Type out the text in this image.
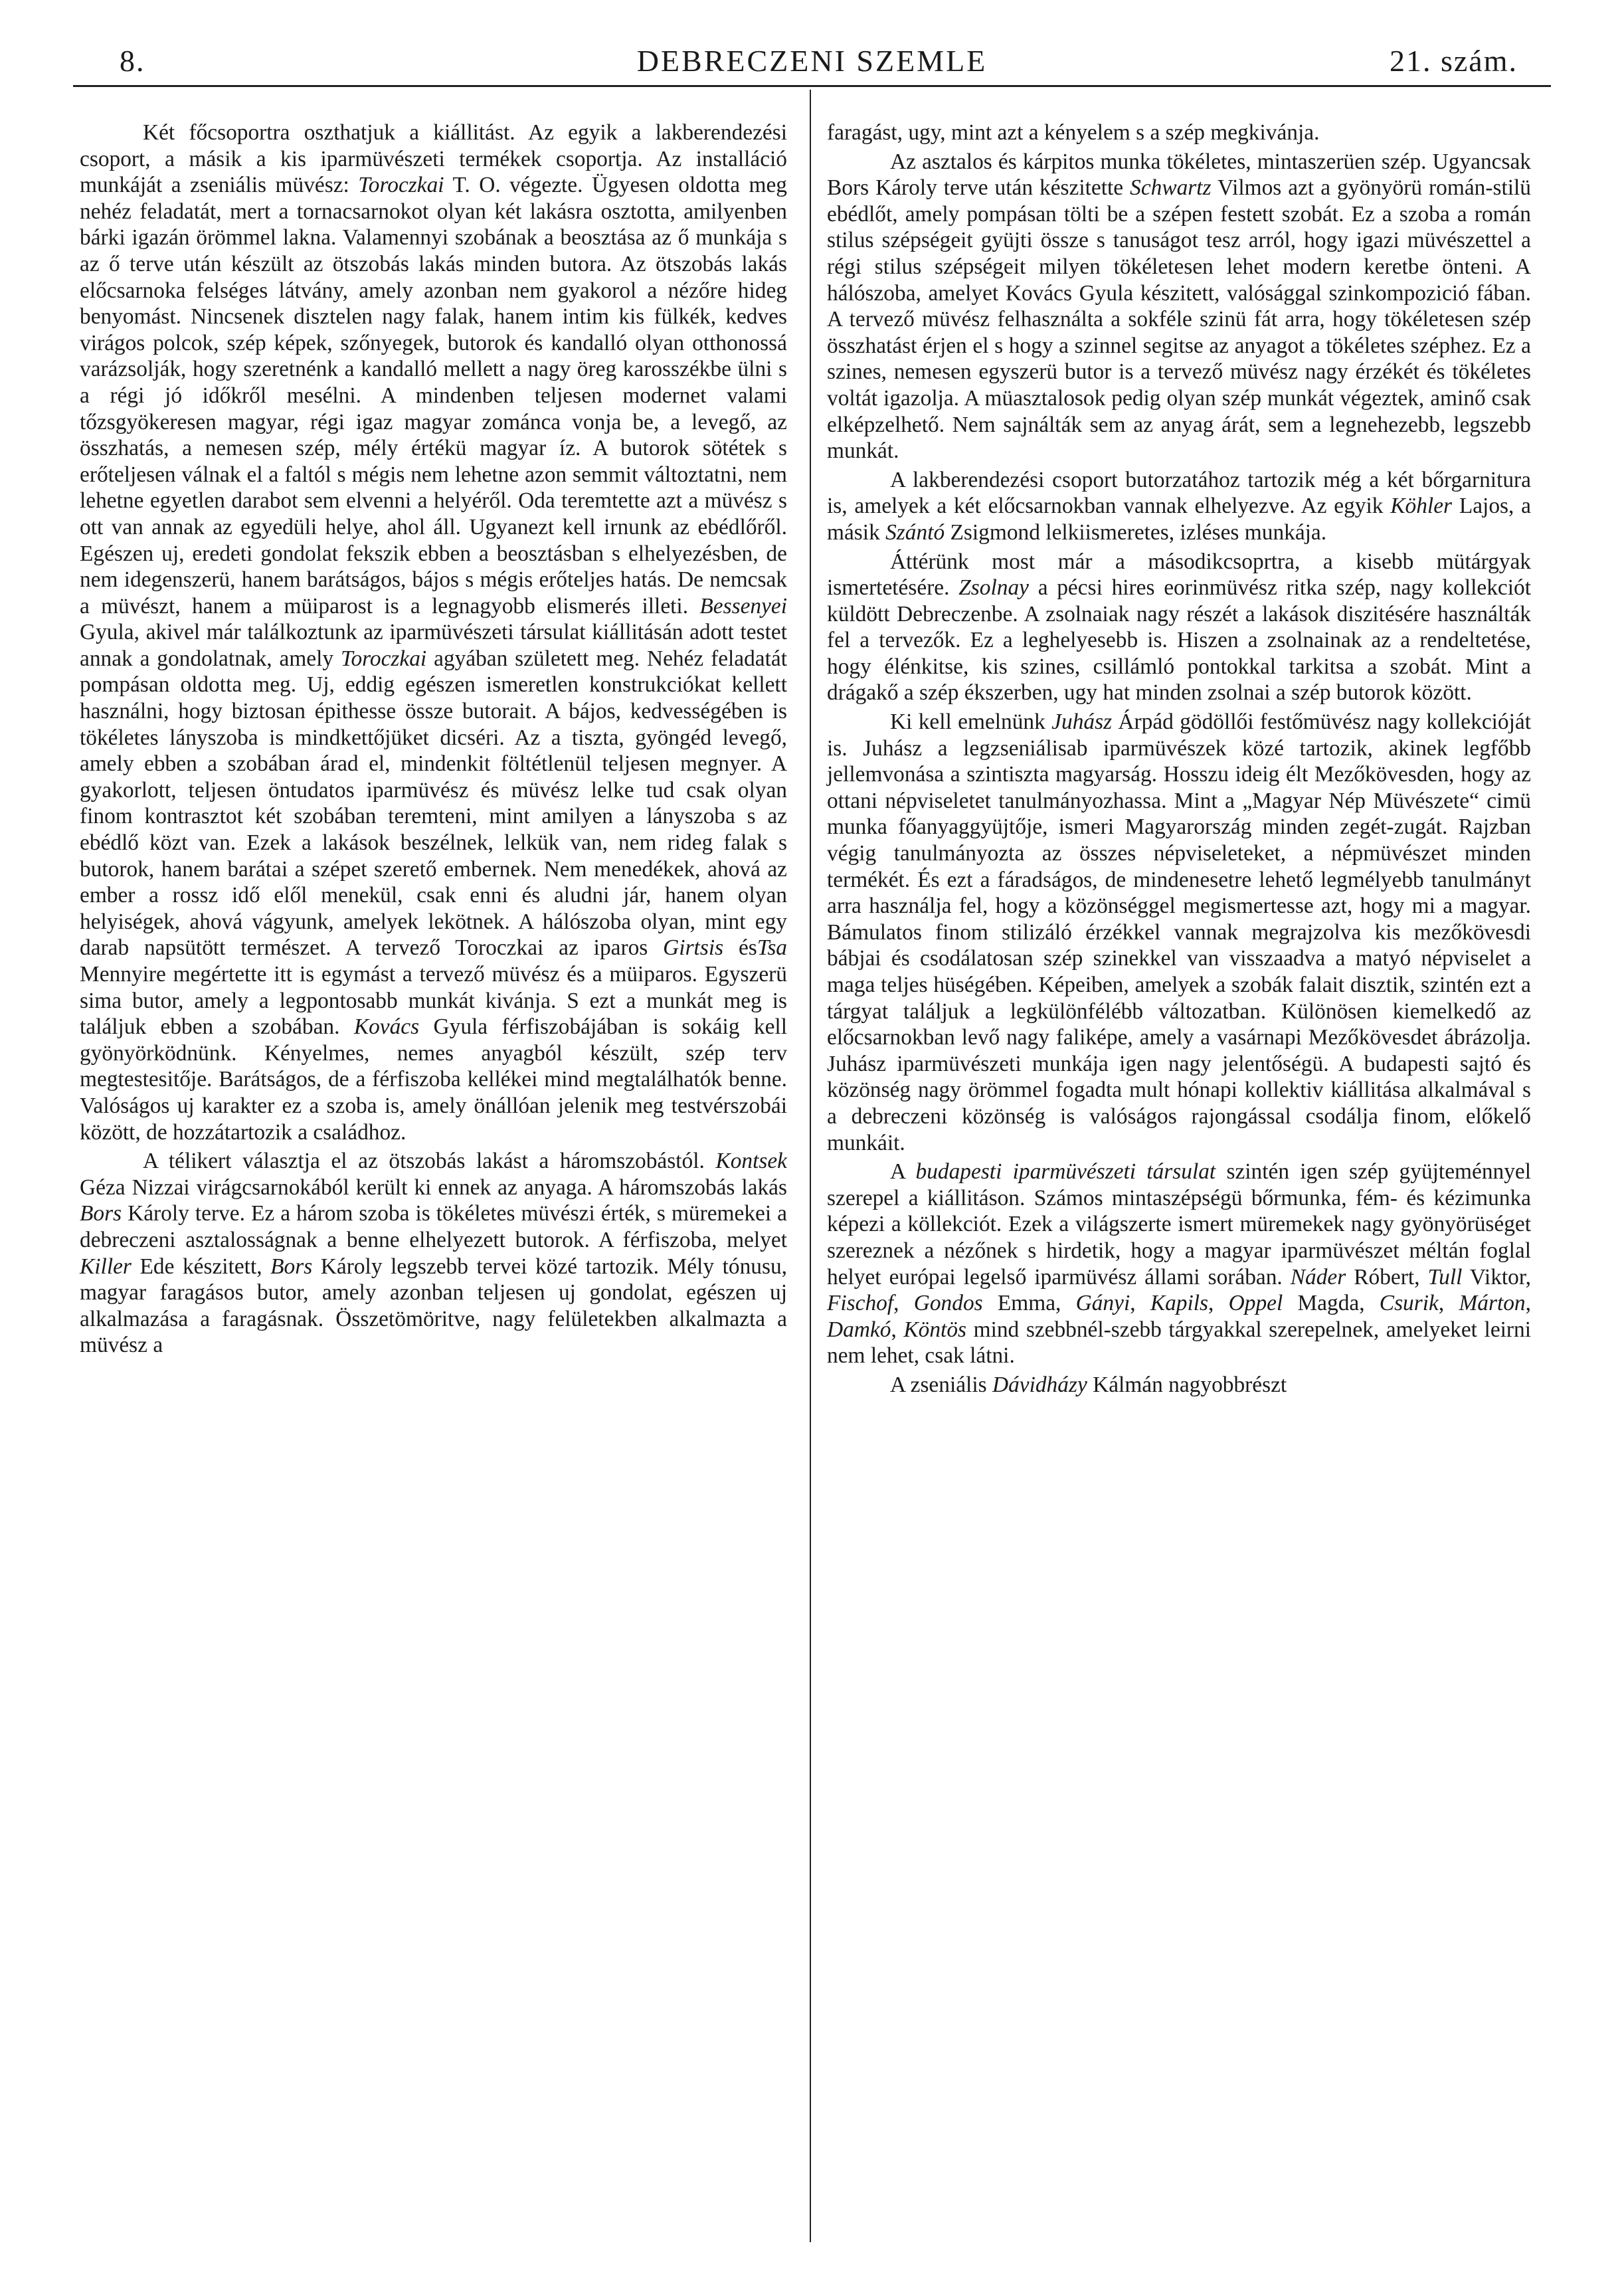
8.	DEBRECZENI SZEMLE	21. szám.

Két főcsoportra oszthatjuk a kiállitást. Az egyik a lakberendezési csoport, a másik a kis iparmüvészeti termékek csoportja. Az installáció munkáját a zseniális müvész: Toroczkai T. O. végezte. Ügyesen oldotta meg nehéz feladatát, mert a tornacsarnokot olyan két lakásra osztotta, amilyenben bárki igazán örömmel lakna. Valamennyi szobának a beosztása az ő munkája s az ő terve után készült az ötszobás lakás minden butora. Az ötszobás lakás előcsarnoka felséges látvány, amely azonban nem gyakorol a nézőre hideg benyomást. Nincsenek disztelen nagy falak, hanem intim kis fülkék, kedves virágos polcok, szép képek, szőnyegek, butorok és kandalló olyan otthonossá varázsolják, hogy szeretnénk a kandalló mellett a nagy öreg karosszékbe ülni s a régi jó időkről mesélni. A mindenben teljesen modernet valami tőzsgyökeresen magyar, régi igaz magyar zománca vonja be, a levegő, az összhatás, a nemesen szép, mély értékü magyar íz. A butorok sötétek s erőteljesen válnak el a faltól s mégis nem lehetne azon semmit változtatni, nem lehetne egyetlen darabot sem elvenni a helyéről. Oda teremtette azt a müvész s ott van annak az egyedüli helye, ahol áll. Ugyanezt kell irnunk az ebédlőről. Egészen uj, eredeti gondolat fekszik ebben a beosztásban s elhelyezésben, de nem idegenszerü, hanem barátságos, bájos s mégis erőteljes hatás. De nemcsak a müvészt, hanem a müiparost is a legnagyobb elismerés illeti. Bessenyei Gyula, akivel már találkoztunk az iparmüvészeti társulat kiállitásán adott testet annak a gondolatnak, amely Toroczkai agyában született meg. Nehéz feladatát pompásan oldotta meg. Uj, eddig egészen ismeretlen konstrukciókat kellett használni, hogy biztosan épithesse össze butorait. A bájos, kedvességében is tökéletes lányszoba is mindkettőjüket dicséri. Az a tiszta, gyöngéd levegő, amely ebben a szobában árad el, mindenkit föltétlenül teljesen megnyer. A gyakorlott, teljesen öntudatos iparmüvész és müvész lelke tud csak olyan finom kontrasztot két szobában teremteni, mint amilyen a lányszoba s az ebédlő közt van. Ezek a lakások beszélnek, lelkük van, nem rideg falak s butorok, hanem barátai a szépet szerető embernek. Nem menedékek, ahová az ember a rossz idő elől menekül, csak enni és aludni jár, hanem olyan helyiségek, ahová vágyunk, amelyek lekötnek. A hálószoba olyan, mint egy darab napsütött természet. A tervező Toroczkai az iparos Girtsis ésTsa Mennyire megértette itt is egymást a tervező müvész és a müiparos. Egyszerü sima butor, amely a legpontosabb munkát kivánja. S ezt a munkát meg is találjuk ebben a szobában. Kovács Gyula férfiszobájában is sokáig kell gyönyörködnünk. Kényelmes, nemes anyagból készült, szép terv megtestesitője. Barátságos, de a férfiszoba kellékei mind megtalálhatók benne. Valóságos uj karakter ez a szoba is, amely önállóan jelenik meg testvérszobái között, de hozzátartozik a családhoz.

A télikert választja el az ötszobás lakást a háromszobástól. Kontsek Géza Nizzai virágcsarnokából került ki ennek az anyaga. A háromszobás lakás Bors Károly terve. Ez a három szoba is tökéletes müvészi érték, s müremekei a debreczeni asztalosságnak a benne elhelyezett butorok. A férfiszoba, melyet Killer Ede készitett, Bors Károly legszebb tervei közé tartozik. Mély tónusu, magyar faragásos butor, amely azonban teljesen uj gondolat, egészen uj alkalmazása a faragásnak. Összetömöritve, nagy felületekben alkalmazta a müvész a

faragást, ugy, mint azt a kényelem s a szép megkivánja.

Az asztalos és kárpitos munka tökéletes, mintaszerüen szép. Ugyancsak Bors Károly terve után készitette Schwartz Vilmos azt a gyönyörü román-stilü ebédlőt, amely pompásan tölti be a szépen festett szobát. Ez a szoba a román stilus szépségeit gyüjti össze s tanuságot tesz arról, hogy igazi müvészettel a régi stilus szépségeit milyen tökéletesen lehet modern keretbe önteni. A hálószoba, amelyet Kovács Gyula készitett, valósággal szinkompozició fában. A tervező müvész felhasználta a sokféle szinü fát arra, hogy tökéletesen szép összhatást érjen el s hogy a szinnel segitse az anyagot a tökéletes széphez. Ez a szines, nemesen egyszerü butor is a tervező müvész nagy érzékét és tökéletes voltát igazolja. A müasztalosok pedig olyan szép munkát végeztek, aminő csak elképzelhető. Nem sajnálták sem az anyag árát, sem a legnehezebb, legszebb munkát.

A lakberendezési csoport butorzatához tartozik még a két bőrgarnitura is, amelyek a két előcsarnokban vannak elhelyezve. Az egyik Köhler Lajos, a másik Szántó Zsigmond lelkiismeretes, izléses munkája.

Áttérünk most már a másodikcsoprtra, a kisebb mütárgyak ismertetésére. Zsolnay a pécsi hires eorinmüvész ritka szép, nagy kollekciót küldött Debreczenbe. A zsolnaiak nagy részét a lakások diszitésére használták fel a tervezők. Ez a leghelyesebb is. Hiszen a zsolnainak az a rendeltetése, hogy élénkitse, kis szines, csillámló pontokkal tarkitsa a szobát. Mint a drágakő a szép ékszerben, ugy hat minden zsolnai a szép butorok között.

Ki kell emelnünk Juhász Árpád gödöllői festőmüvész nagy kollekcióját is. Juhász a legzseniálisab iparmüvészek közé tartozik, akinek legfőbb jellemvonása a szintiszta magyarság. Hosszu ideig élt Mezőkövesden, hogy az ottani népviseletet tanulmányozhassa. Mint a „Magyar Nép Müvészete“ cimü munka főanyaggyüjtője, ismeri Magyarország minden zegét-zugát. Rajzban végig tanulmányozta az összes népviseleteket, a népmüvészet minden termékét. És ezt a fáradságos, de mindenesetre lehető legmélyebb tanulmányt arra használja fel, hogy a közönséggel megismertesse azt, hogy mi a magyar. Bámulatos finom stilizáló érzékkel vannak megrajzolva kis mezőkövesdi bábjai és csodálatosan szép szinekkel van visszaadva a matyó népviselet a maga teljes hüségében. Képeiben, amelyek a szobák falait disztik, szintén ezt a tárgyat találjuk a legkülönfélébb változatban. Különösen kiemelkedő az előcsarnokban levő nagy faliképe, amely a vasárnapi Mezőkövesdet ábrázolja. Juhász iparmüvészeti munkája igen nagy jelentőségü. A budapesti sajtó és közönség nagy örömmel fogadta mult hónapi kollektiv kiállitása alkalmával s a debreczeni közönség is valóságos rajongással csodálja finom, előkelő munkáit.

A budapesti iparmüvészeti társulat szintén igen szép gyüjteménnyel szerepel a kiállitáson. Számos mintaszépségü bőrmunka, fém- és kézimunka képezi a köllekciót. Ezek a világszerte ismert müremekek nagy gyönyörüséget szereznek a nézőnek s hirdetik, hogy a magyar iparmüvészet méltán foglal helyet európai legelső iparmüvész állami sorában. Náder Róbert, Tull Viktor, Fischof, Gondos Emma, Gányi, Kapils, Oppel Magda, Csurik, Márton, Damkó, Köntös mind szebbnél-szebb tárgyakkal szerepelnek, amelyeket leirni nem lehet, csak látni.

A zseniális Dávidházy Kálmán nagyobbrészt
